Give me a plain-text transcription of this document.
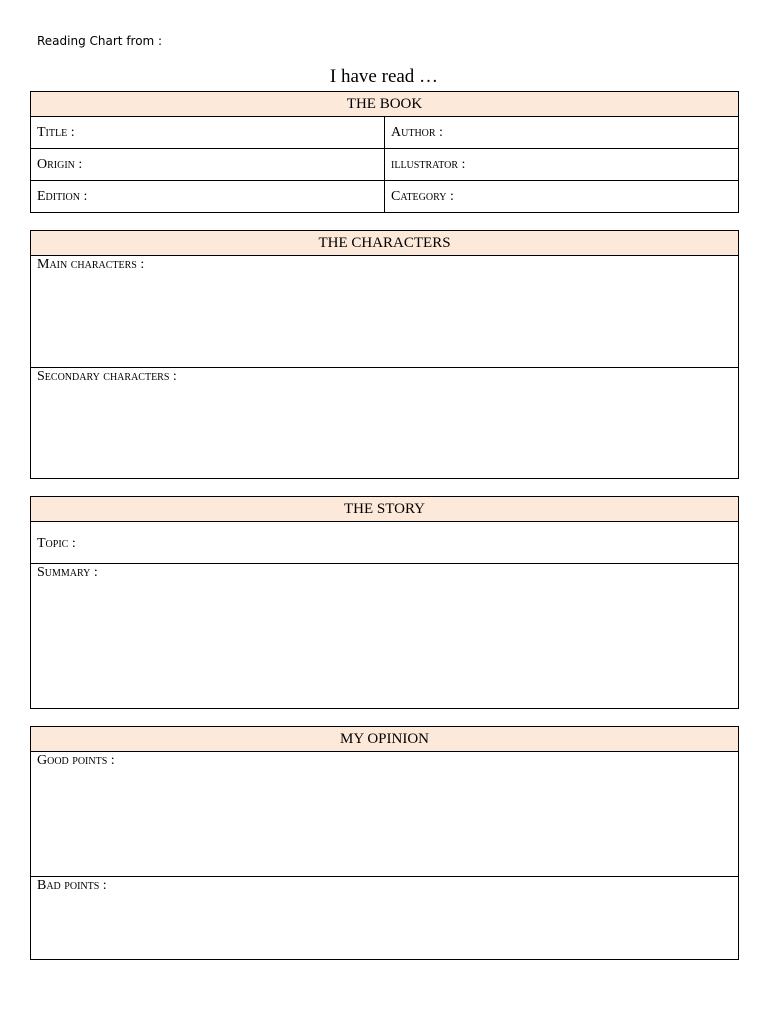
Reading Chart from :
I have read …
THE BOOK
Title :	Author :
Origin :	illustrator :
Edition :	Category :
THE CHARACTERS
Main characters :
Secondary characters :
THE STORY
Topic :
Summary :
MY OPINION
Good points :
Bad points :
